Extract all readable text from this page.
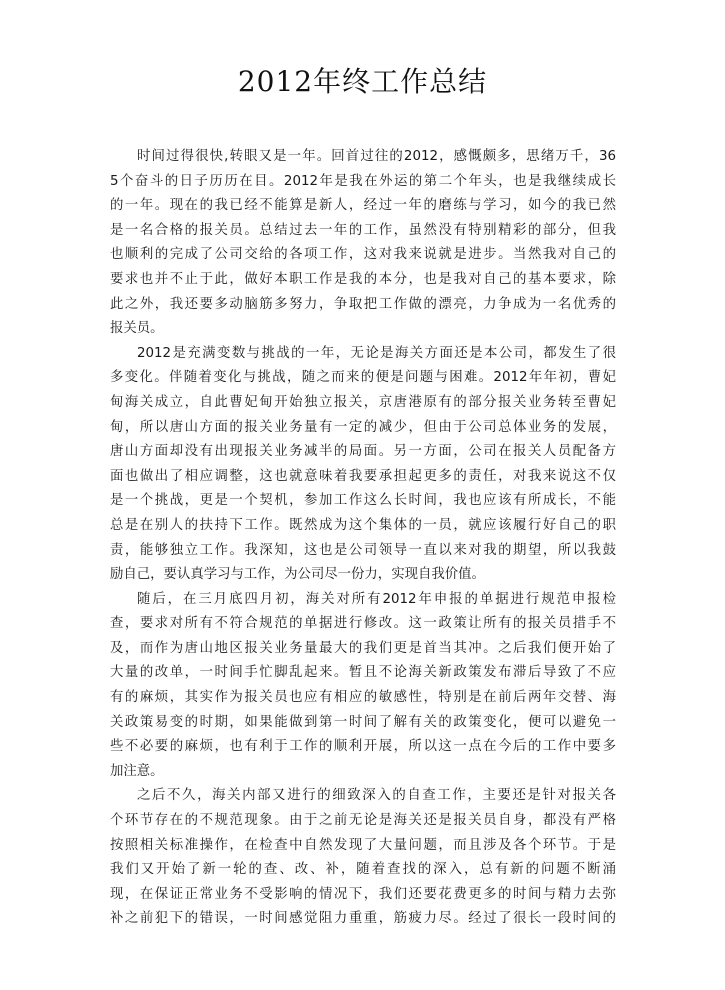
2012年终工作总结
时间过得很快,转眼又是一年。回首过往的2012，感慨颇多，思绪万千，36
5个奋斗的日子历历在目。2012年是我在外运的第二个年头，也是我继续成长
的一年。现在的我已经不能算是新人，经过一年的磨练与学习，如今的我已然
是一名合格的报关员。总结过去一年的工作，虽然没有特别精彩的部分，但我
也顺利的完成了公司交给的各项工作，这对我来说就是进步。当然我对自己的
要求也并不止于此，做好本职工作是我的本分，也是我对自己的基本要求，除
此之外，我还要多动脑筋多努力，争取把工作做的漂亮，力争成为一名优秀的
报关员。
2012是充满变数与挑战的一年，无论是海关方面还是本公司，都发生了很
多变化。伴随着变化与挑战，随之而来的便是问题与困难。2012年年初，曹妃
甸海关成立，自此曹妃甸开始独立报关，京唐港原有的部分报关业务转至曹妃
甸，所以唐山方面的报关业务量有一定的减少，但由于公司总体业务的发展，
唐山方面却没有出现报关业务减半的局面。另一方面，公司在报关人员配备方
面也做出了相应调整，这也就意味着我要承担起更多的责任，对我来说这不仅
是一个挑战，更是一个契机，参加工作这么长时间，我也应该有所成长，不能
总是在别人的扶持下工作。既然成为这个集体的一员，就应该履行好自己的职
责，能够独立工作。我深知，这也是公司领导一直以来对我的期望，所以我鼓
励自己，要认真学习与工作，为公司尽一份力，实现自我价值。
随后，在三月底四月初，海关对所有2012年申报的单据进行规范申报检
查，要求对所有不符合规范的单据进行修改。这一政策让所有的报关员措手不
及，而作为唐山地区报关业务量最大的我们更是首当其冲。之后我们便开始了
大量的改单，一时间手忙脚乱起来。暂且不论海关新政策发布滞后导致了不应
有的麻烦，其实作为报关员也应有相应的敏感性，特别是在前后两年交替、海
关政策易变的时期，如果能做到第一时间了解有关的政策变化，便可以避免一
些不必要的麻烦，也有利于工作的顺利开展，所以这一点在今后的工作中要多
加注意。
之后不久，海关内部又进行的细致深入的自查工作，主要还是针对报关各
个环节存在的不规范现象。由于之前无论是海关还是报关员自身，都没有严格
按照相关标准操作，在检查中自然发现了大量问题，而且涉及各个环节。于是
我们又开始了新一轮的查、改、补，随着查找的深入，总有新的问题不断涌
现，在保证正常业务不受影响的情况下，我们还要花费更多的时间与精力去弥
补之前犯下的错误，一时间感觉阻力重重，筋疲力尽。经过了很长一段时间的
